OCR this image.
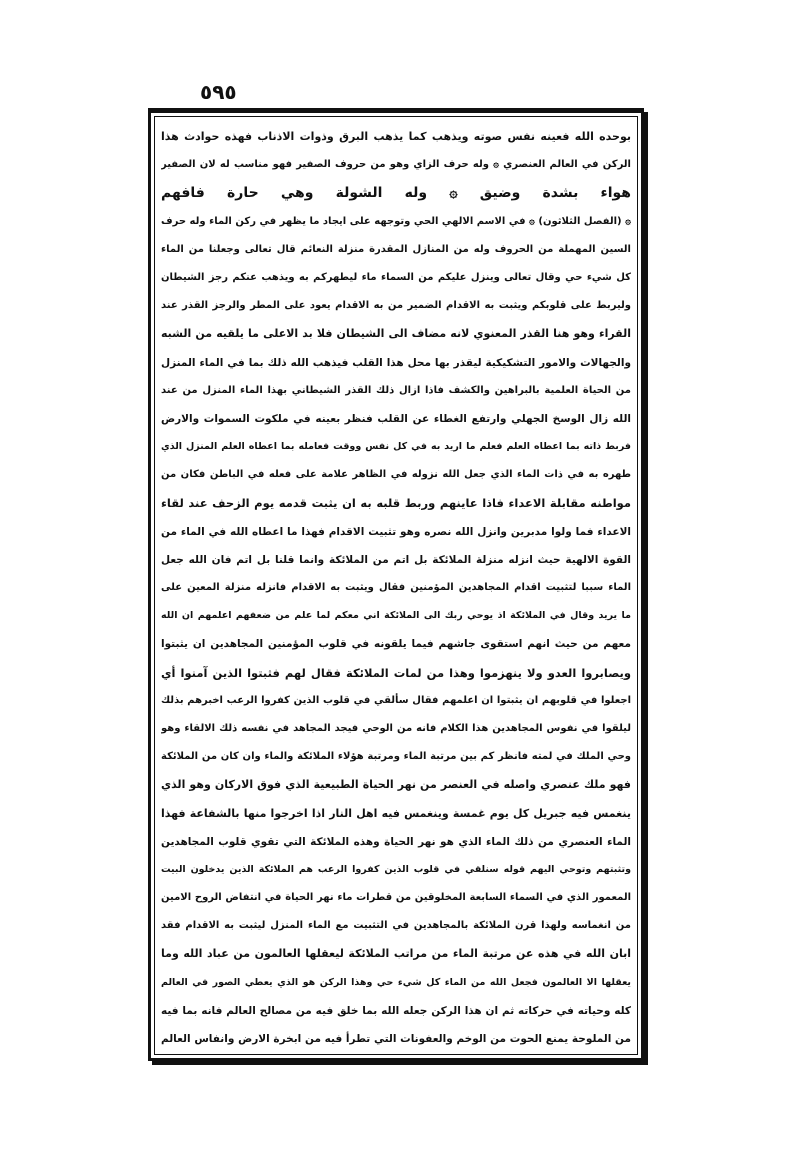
٥٩٥
بوحده الله فعينه نفس صوته ويذهب كما يذهب البرق وذوات الاذناب فهذه حوادث هذا
الركن في العالم العنصري ۞ وله حرف الزاي وهو من حروف الصفير فهو مناسب له لان الصفير
هواء بشدة وضيق ۞ وله الشولة وهي حارة فافهم
۞ (الفصل الثلاثون) ۞ في الاسم الالهي الحي وتوجهه على ايجاد ما يظهر في ركن الماء وله حرف
السين المهملة من الحروف وله من المنازل المقدرة منزلة النعائم قال تعالى وجعلنا من الماء
كل شيء حي وقال تعالى وينزل عليكم من السماء ماء ليطهركم به ويذهب عنكم رجز الشيطان
وليربط على قلوبكم ويثبت به الاقدام الضمير من به الاقدام يعود على المطر والرجز القذر عند
القراء وهو هنا القذر المعنوي لانه مضاف الى الشيطان فلا بد الاعلى ما يلقيه من الشبه
والجهالات والامور التشكيكية ليقذر بها محل هذا القلب فيذهب الله ذلك بما في الماء المنزل
من الحياة العلمية بالبراهين والكشف فاذا ازال ذلك القذر الشيطاني بهذا الماء المنزل من عند
الله زال الوسخ الجهلي وارتفع الغطاء عن القلب فنظر بعينه في ملكوت السموات والارض
فربط ذاته بما اعطاه العلم فعلم ما اريد به في كل نفس ووقت فعامله بما اعطاه العلم المنزل الذي
طهره به في ذات الماء الذي جعل الله نزوله في الظاهر علامة على فعله في الباطن فكان من
مواطنه مقابلة الاعداء فاذا عاينهم وربط قلبه به ان يثبت قدمه يوم الزحف عند لقاء
الاعداء فما ولوا مدبرين وانزل الله نصره وهو تثبيت الاقدام فهذا ما اعطاه الله في الماء من
القوة الالهية حيث انزله منزلة الملائكة بل اتم من الملائكة وانما قلنا بل اتم فان الله جعل
الماء سببا لتثبيت اقدام المجاهدين المؤمنين فقال ويثبت به الاقدام فانزله منزلة المعين على
ما يريد وقال في الملائكة اذ يوحي ربك الى الملائكة اني معكم لما علم من ضعفهم اعلمهم ان الله
معهم من حيث انهم استقوى جاشهم فيما يلقونه في قلوب المؤمنين المجاهدين ان يثبتوا
ويصابروا العدو ولا ينهزموا وهذا من لمات الملائكة فقال لهم فثبتوا الذين آمنوا أي
اجعلوا في قلوبهم ان يثبتوا ان اعلمهم فقال سألقي في قلوب الذين كفروا الرعب اخبرهم بذلك
ليلقوا في نفوس المجاهدين هذا الكلام فانه من الوحي فيجد المجاهد في نفسه ذلك الالقاء وهو
وحي الملك في لمته فانظر كم بين مرتبة الماء ومرتبة هؤلاء الملائكة والماء وان كان من الملائكة
فهو ملك عنصري واصله في العنصر من نهر الحياة الطبيعية الذي فوق الاركان وهو الذي
ينغمس فيه جبريل كل يوم غمسة وينغمس فيه اهل النار اذا اخرجوا منها بالشفاعة فهذا
الماء العنصري من ذلك الماء الذي هو نهر الحياة وهذه الملائكة التي تقوي قلوب المجاهدين
وتثبتهم وتوحي اليهم قوله سنلقي في قلوب الذين كفروا الرعب هم الملائكة الذين يدخلون البيت
المعمور الذي في السماء السابعة المخلوقين من قطرات ماء نهر الحياة في انتفاض الروح الامين
من انغماسه ولهذا قرن الملائكة بالمجاهدين في التثبيت مع الماء المنزل ليثبت به الاقدام فقد
ابان الله في هذه عن مرتبة الماء من مراتب الملائكة ليعقلها العالمون من عباد الله وما
يعقلها الا العالمون فجعل الله من الماء كل شيء حي وهذا الركن هو الذي يعطي الصور في العالم
كله وحياته في حركاته ثم ان هذا الركن جعله الله بما خلق فيه من مصالح العالم فانه بما فيه
من الملوحة يمنع الحوت من الوخم والعفونات التي تطرأ فيه من ابخرة الارض وانفاس العالم
